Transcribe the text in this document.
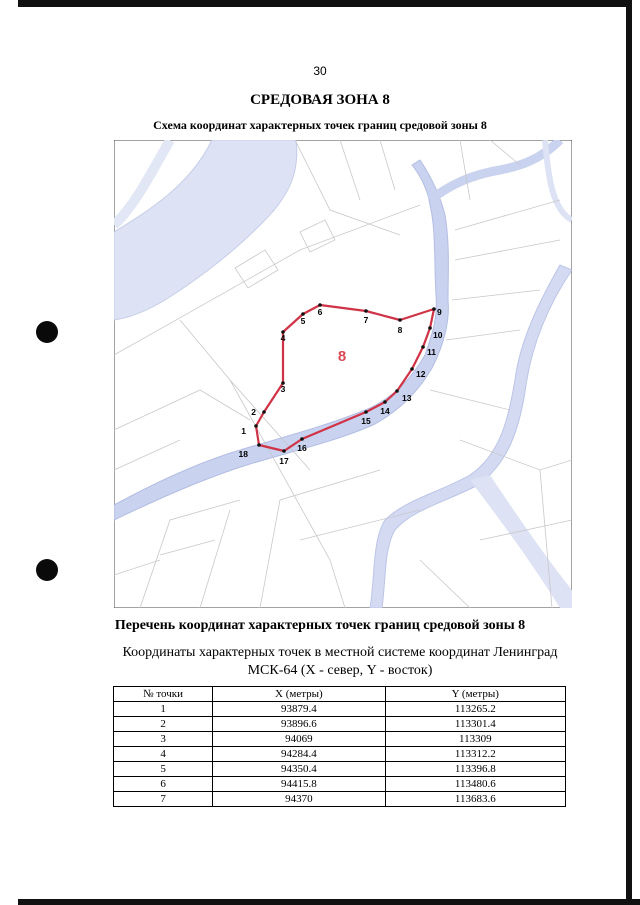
30
СРЕДОВАЯ ЗОНА 8
Схема координат характерных точек границ средовой зоны 8
1
2
3
4
5
6
7
8
9
10
11
12
13
14
15
16
17
18
8
Перечень координат характерных точек границ средовой зоны 8
Координаты характерных точек в местной системе координат Ленинград
МСК-64 (X - север, Y - восток)
№ точки	X (метры)	Y (метры)
1	93879.4	113265.2
2	93896.6	113301.4
3	94069	113309
4	94284.4	113312.2
5	94350.4	113396.8
6	94415.8	113480.6
7	94370	113683.6
